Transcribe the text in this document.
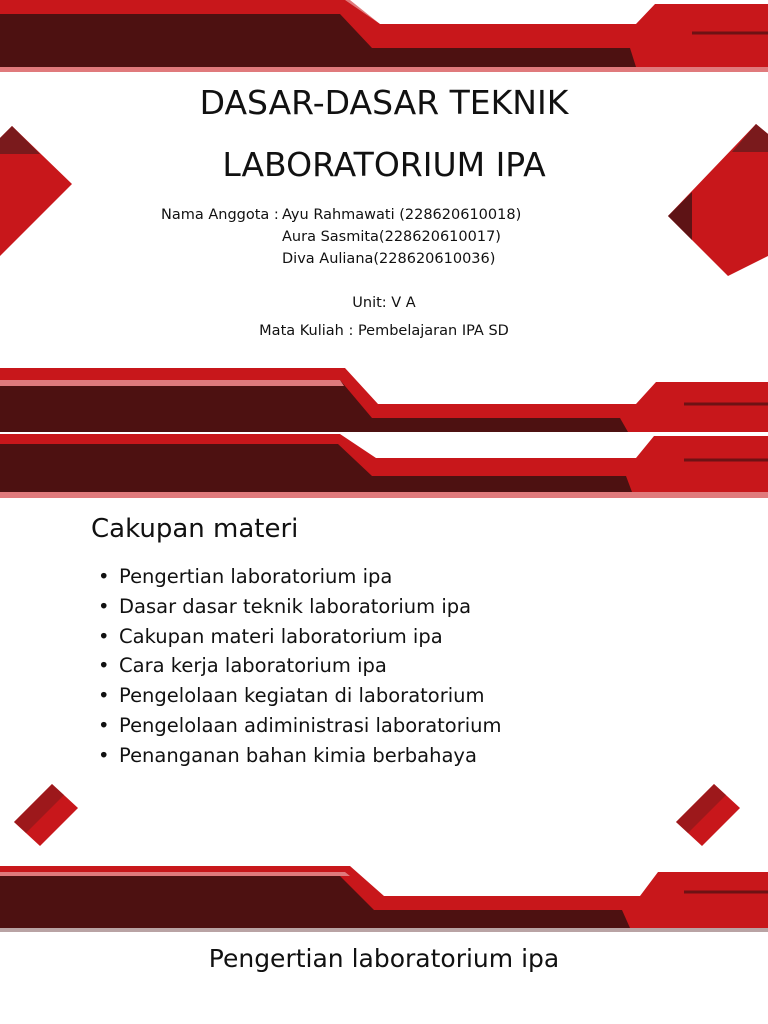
DASAR-DASAR TEKNIK
LABORATORIUM IPA
Nama Anggota : Ayu Rahmawati (228620610018)
Aura Sasmita(228620610017)
Diva Auliana(228620610036)
Unit: V A
Mata Kuliah : Pembelajaran IPA SD
Cakupan materi
• Pengertian laboratorium ipa
• Dasar dasar teknik laboratorium ipa
• Cakupan materi laboratorium ipa
• Cara kerja laboratorium ipa
• Pengelolaan kegiatan di laboratorium
• Pengelolaan adiministrasi laboratorium
• Penanganan bahan kimia berbahaya
Pengertian laboratorium ipa
